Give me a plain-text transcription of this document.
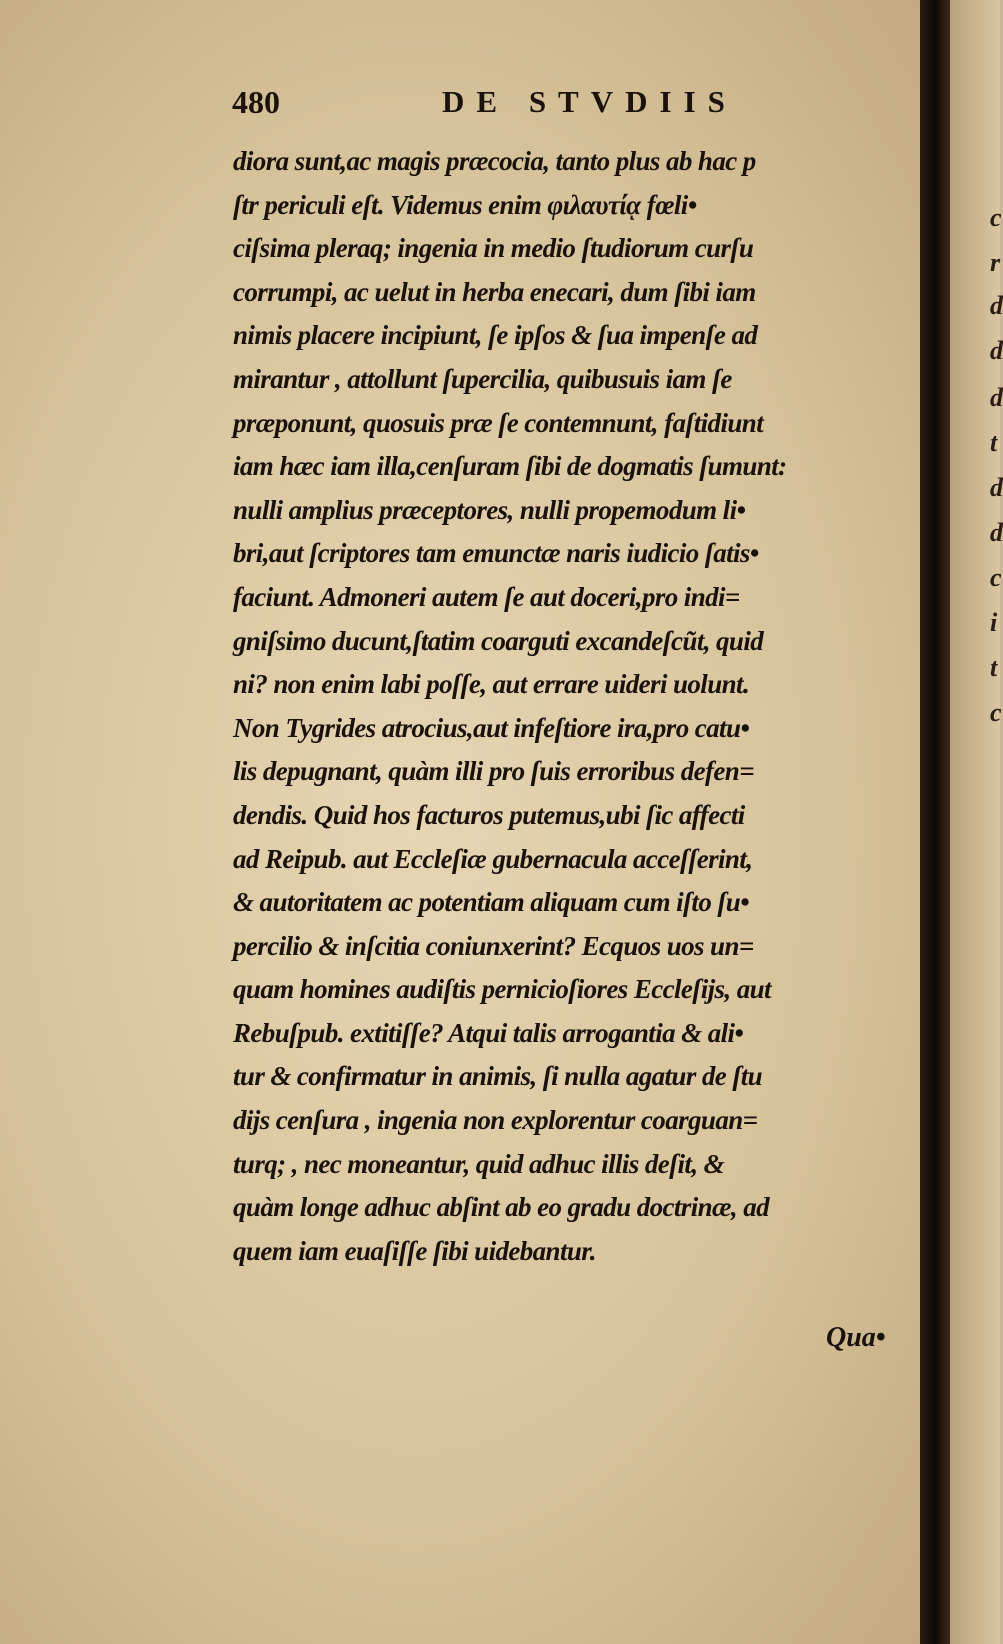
c
r
d
d
d
t
d
d
c
i
t
c
480	DE STVDIIS
diora sunt,ac magis præcocia, tanto plus ab hac p
ſtr periculi eſt. Videmus enim φιλαυτίᾳ fœli•
ciſsima pleraq; ingenia in medio ſtudiorum curſu
corrumpi, ac uelut in herba enecari, dum ſibi iam
nimis placere incipiunt, ſe ipſos & ſua impenſe ad
mirantur , attollunt ſupercilia, quibusuis iam ſe
præponunt, quosuis præ ſe contemnunt, faſtidiunt
iam hæc iam illa,cenſuram ſibi de dogmatis ſumunt:
nulli amplius præceptores, nulli propemodum li•
bri,aut ſcriptores tam emunctæ naris iudicio ſatis•
faciunt. Admoneri autem ſe aut doceri,pro indi=
gniſsimo ducunt,ſtatim coarguti excandeſcũt, quid
ni? non enim labi poſſe, aut errare uideri uolunt.
Non Tygrides atrocius,aut infeſtiore ira,pro catu•
lis depugnant, quàm illi pro ſuis erroribus defen=
dendis. Quid hos facturos putemus,ubi ſic affecti
ad Reipub. aut Eccleſiæ gubernacula acceſſerint,
& autoritatem ac potentiam aliquam cum iſto ſu•
percilio & inſcitia coniunxerint? Ecquos uos un=
quam homines audiſtis pernicioſiores Eccleſijs, aut
Rebuſpub. extitiſſe? Atqui talis arrogantia & ali•
tur & confirmatur in animis, ſi nulla agatur de ſtu
dijs cenſura , ingenia non explorentur coarguan=
turq; , nec moneantur, quid adhuc illis deſit, &
quàm longe adhuc abſint ab eo gradu doctrinæ, ad
quem iam euaſiſſe ſibi uidebantur.
Qua•
